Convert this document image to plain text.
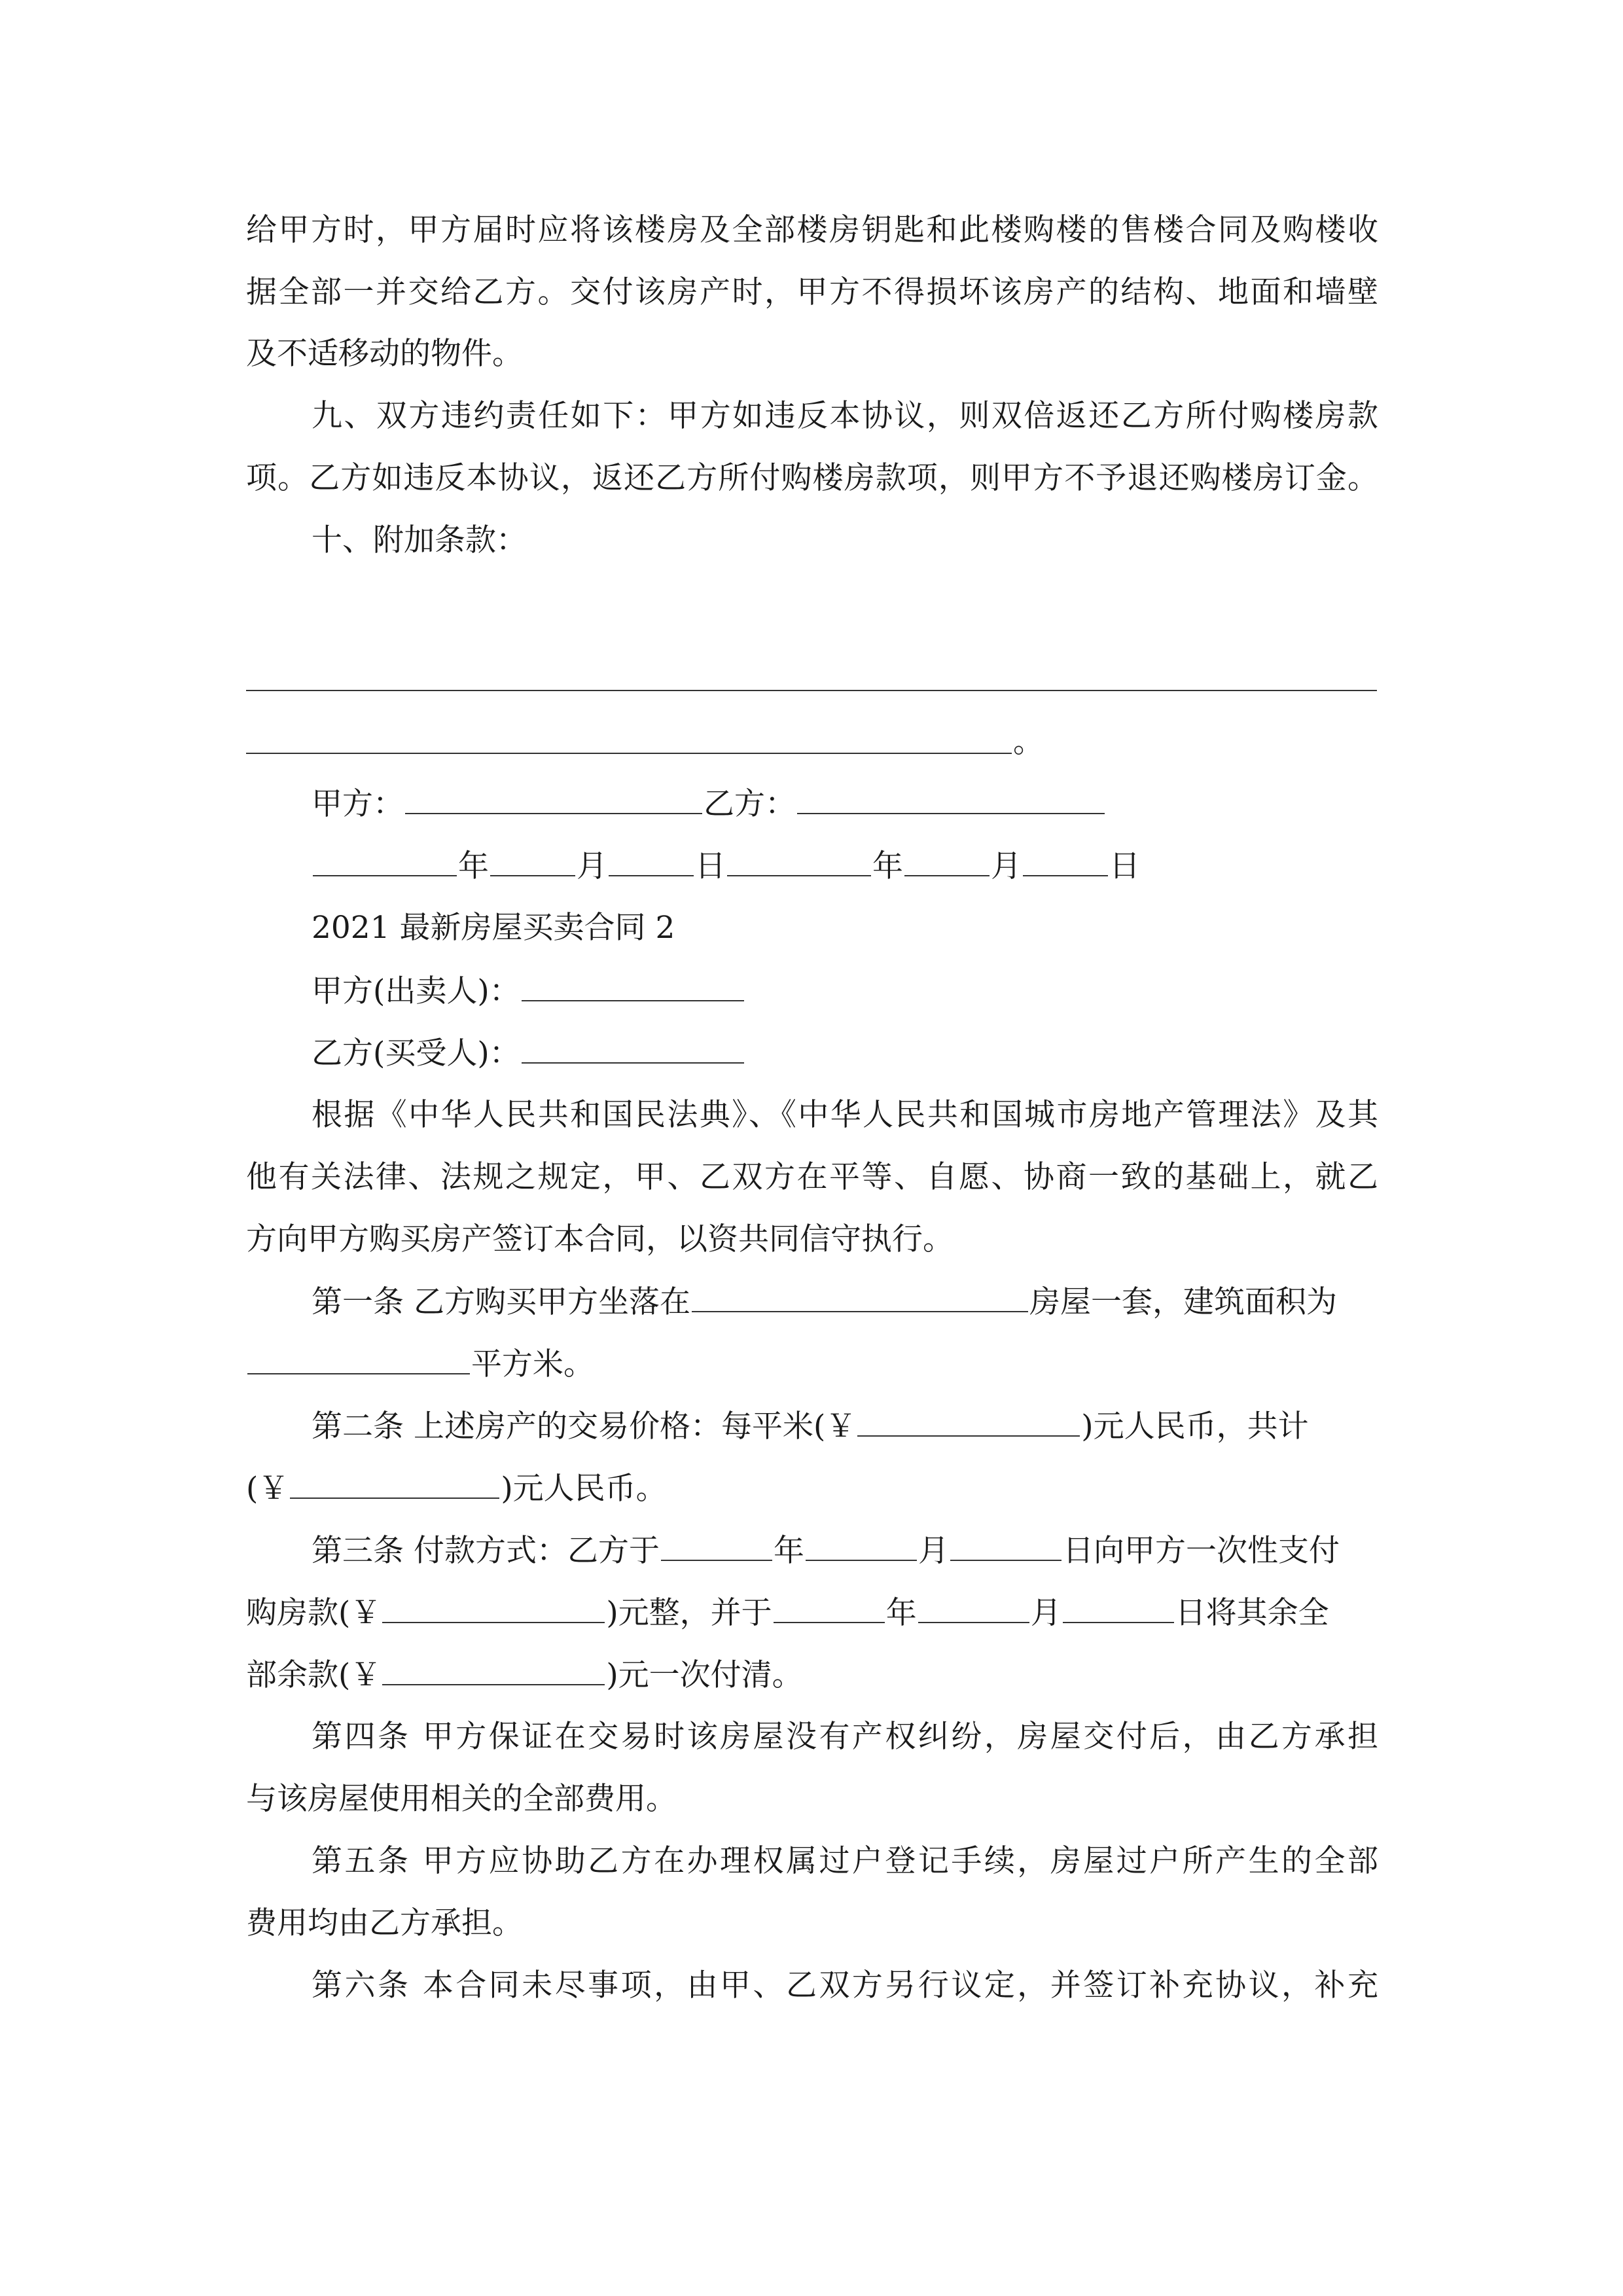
给甲方时，甲方届时应将该楼房及全部楼房钥匙和此楼购楼的售楼合同及购楼收
据全部一并交给乙方。交付该房产时，甲方不得损坏该房产的结构、地面和墙壁
及不适移动的物件。
九、双方违约责任如下：甲方如违反本协议，则双倍返还乙方所付购楼房款
项。乙方如违反本协议，返还乙方所付购楼房款项，则甲方不予退还购楼房订金。
十、附加条款：
。
甲方：	乙方：
年	月	日	年	月	日
2021 最新房屋买卖合同 2
甲方(出卖人)：
乙方(买受人)：
根据《中华人民共和国民法典》、《中华人民共和国城市房地产管理法》及其
他有关法律、法规之规定，甲、乙双方在平等、自愿、协商一致的基础上，就乙
方向甲方购买房产签订本合同，以资共同信守执行。
第一条 乙方购买甲方坐落在	房屋一套，建筑面积为
平方米。
第二条 上述房产的交易价格：每平米(￥	)元人民币，共计
(￥	)元人民币。
第三条 付款方式：乙方于	年	月	日向甲方一次性支付
购房款(￥	)元整，并于	年	月	日将其余全
部余款(￥	)元一次付清。
第四条 甲方保证在交易时该房屋没有产权纠纷，房屋交付后，由乙方承担
与该房屋使用相关的全部费用。
第五条 甲方应协助乙方在办理权属过户登记手续，房屋过户所产生的全部
费用均由乙方承担。
第六条 本合同未尽事项，由甲、乙双方另行议定，并签订补充协议，补充
